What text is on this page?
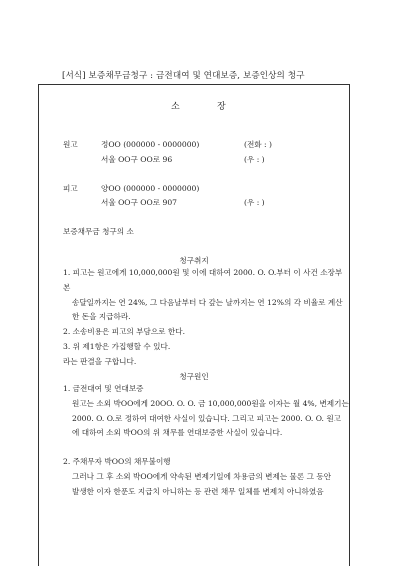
[서식] 보증채무금청구 : 금전대여 및 연대보증, 보증인상의 청구
소	장
원고	정OO (000000 - 0000000)	(전화 : )
서울 OO구 OO로 96	(우 : )
피고	양OO (000000 - 0000000)
서울 OO구 OO로 907	(우 : )
보증채무금 청구의 소
청구취지
1. 피고는 원고에게 10,000,000원 및 이에 대하여 2000. O. O.부터 이 사건 소장부본
송달일까지는 연 24%, 그 다음날부터 다 갚는 날까지는 연 12%의 각 비율로 계산
한 돈을 지급하라.
2. 소송비용은 피고의 부담으로 한다.
3. 위 제1항은 가집행할 수 있다.
라는 판결을 구합니다.
청구원인
1. 금전대여 및 연대보증
원고는 소외 박OO에게 20OO. O. O. 금 10,000,000원을 이자는 월 4%, 변제기는
2000. O. O.로 정하여 대여한 사실이 있습니다. 그리고 피고는 2000. O. O. 원고
에 대하여 소외 박OO의 위 채무를 연대보증한 사실이 있습니다.
2. 주채무자 박OO의 채무불이행
그러나 그 후 소외 박OO에게 약속된 변제기일에 차용금의 변제는 물론 그 동안
발생한 이자 한푼도 지급치 아니하는 등 관련 채무 일체를 변제치 아니하였음
